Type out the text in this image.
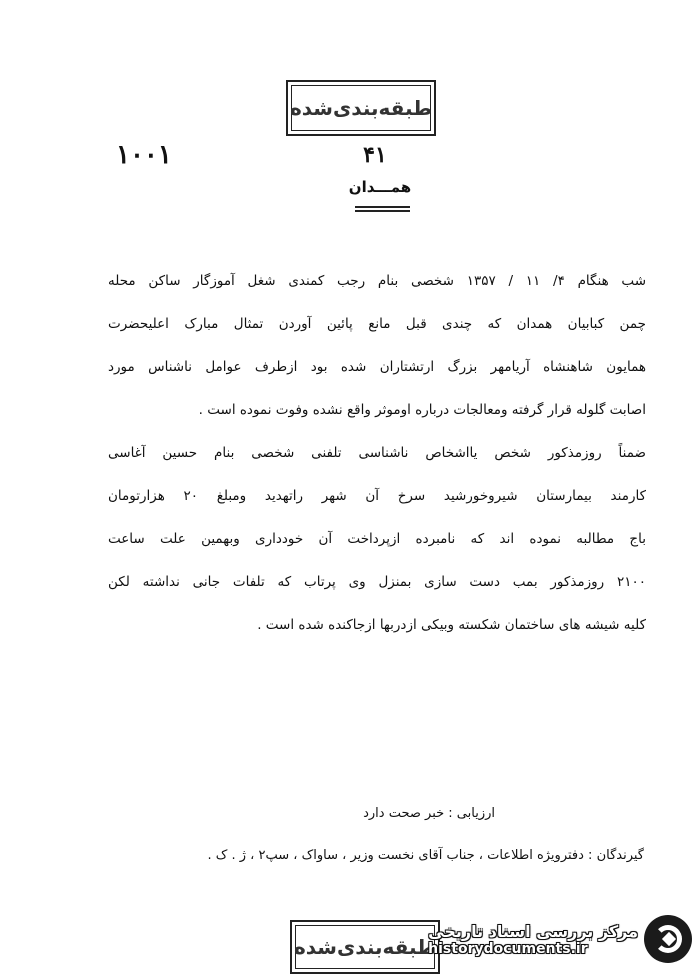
طبقه‌بندی‌شده
۱۰۰۱	۴۱
همـــدان
شب هنگام ۴/ ۱۱ / ۱۳۵۷ شخصی بنام رجب کمندی شغل آموزگار ساکن محله
چمن کبابیان همدان که چندی قبل مانع پائین آوردن تمثال مبارک اعلیحضرت
همایون شاهنشاه آریامهر بزرگ ارتشتاران شده بود ازطرف عوامل ناشناس مورد
اصابت گلوله قرار گرفته ومعالجات درباره اوموثر واقع نشده وفوت نموده است .
ضمناً روزمذکور شخص یااشخاص ناشناسی تلفنی شخصی بنام حسین آغاسی
کارمند بیمارستان شیروخورشید سرخ آن شهر راتهدید ومبلغ ۲۰ هزارتومان
باج مطالبه نموده اند که نامبرده ازپرداخت آن خودداری وبهمین علت ساعت
۲۱۰۰ روزمذکور بمب دست سازی بمنزل وی پرتاب که تلفات جانی نداشته لکن
کلیه شیشه های ساختمان شکسته وبیکی ازدربها ازجاکنده شده است .
ارزیابی : خبر صحت دارد
گیرندگان : دفترویژه اطلاعات ، جناب آقای نخست وزیر ، ساواک ، سپ۲ ، ژ . ک .
طبقه‌بندی‌شده
مرکز بررسی اسناد تاریخی
historydocuments.ir
